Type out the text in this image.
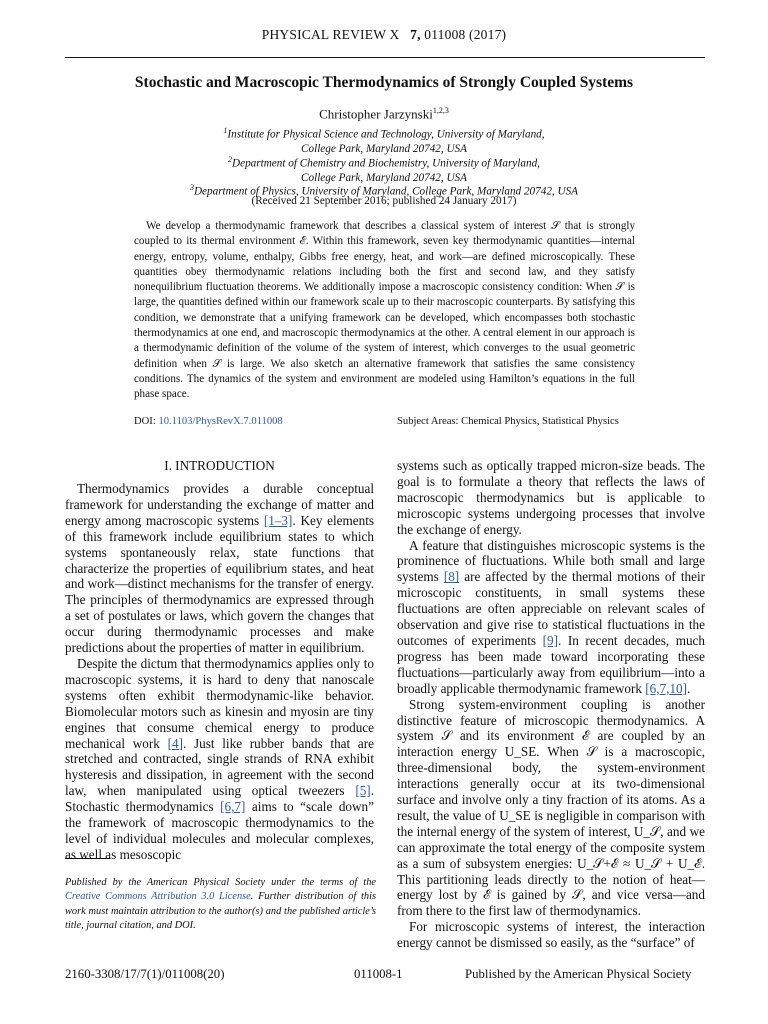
PHYSICAL REVIEW X 7, 011008 (2017)
Stochastic and Macroscopic Thermodynamics of Strongly Coupled Systems
Christopher Jarzynski$^{1,2,3}$
$^1$Institute for Physical Science and Technology, University of Maryland,
College Park, Maryland 20742, USA
$^2$Department of Chemistry and Biochemistry, University of Maryland,
College Park, Maryland 20742, USA
$^3$Department of Physics, University of Maryland, College Park, Maryland 20742, USA
(Received 21 September 2016; published 24 January 2017)
We develop a thermodynamic framework that describes a classical system of interest 𝒮 that is strongly coupled to its thermal environment ℰ. Within this framework, seven key thermodynamic quantities—internal energy, entropy, volume, enthalpy, Gibbs free energy, heat, and work—are defined microscopically. These quantities obey thermodynamic relations including both the first and second law, and they satisfy nonequilibrium fluctuation theorems. We additionally impose a macroscopic consistency condition: When 𝒮 is large, the quantities defined within our framework scale up to their macroscopic counterparts. By satisfying this condition, we demonstrate that a unifying framework can be developed, which encompasses both stochastic thermodynamics at one end, and macroscopic thermodynamics at the other. A central element in our approach is a thermodynamic definition of the volume of the system of interest, which converges to the usual geometric definition when 𝒮 is large. We also sketch an alternative framework that satisfies the same consistency conditions. The dynamics of the system and environment are modeled using Hamilton’s equations in the full phase space.
DOI: 10.1103/PhysRevX.7.011008	Subject Areas: Chemical Physics, Statistical Physics
I. INTRODUCTION

Thermodynamics provides a durable conceptual framework for understanding the exchange of matter and energy among macroscopic systems [1–3]. Key elements of this framework include equilibrium states to which systems spontaneously relax, state functions that characterize the properties of equilibrium states, and heat and work—distinct mechanisms for the transfer of energy. The principles of thermodynamics are expressed through a set of postulates or laws, which govern the changes that occur during thermodynamic processes and make predictions about the properties of matter in equilibrium.

Despite the dictum that thermodynamics applies only to macroscopic systems, it is hard to deny that nanoscale systems often exhibit thermodynamic-like behavior. Biomolecular motors such as kinesin and myosin are tiny engines that consume chemical energy to produce mechanical work [4]. Just like rubber bands that are stretched and contracted, single strands of RNA exhibit hysteresis and dissipation, in agreement with the second law, when manipulated using optical tweezers [5]. Stochastic thermodynamics [6,7] aims to “scale down” the framework of macroscopic thermodynamics to the level of individual molecules and molecular complexes, as well as mesoscopic

Published by the American Physical Society under the terms of the Creative Commons Attribution 3.0 License. Further distribution of this work must maintain attribution to the author(s) and the published article’s title, journal citation, and DOI.

systems such as optically trapped micron-size beads. The goal is to formulate a theory that reflects the laws of macroscopic thermodynamics but is applicable to microscopic systems undergoing processes that involve the exchange of energy.

A feature that distinguishes microscopic systems is the prominence of fluctuations. While both small and large systems [8] are affected by the thermal motions of their microscopic constituents, in small systems these fluctuations are often appreciable on relevant scales of observation and give rise to statistical fluctuations in the outcomes of experiments [9]. In recent decades, much progress has been made toward incorporating these fluctuations—particularly away from equilibrium—into a broadly applicable thermodynamic framework [6,7,10].

Strong system-environment coupling is another distinctive feature of microscopic thermodynamics. A system 𝒮 and its environment ℰ are coupled by an interaction energy U_SE. When 𝒮 is a macroscopic, three-dimensional body, the system-environment interactions generally occur at its two-dimensional surface and involve only a tiny fraction of its atoms. As a result, the value of U_SE is negligible in comparison with the internal energy of the system of interest, U_𝒮, and we can approximate the total energy of the composite system as a sum of subsystem energies: U_𝒮+ℰ ≈ U_𝒮 + U_ℰ. This partitioning leads directly to the notion of heat—energy lost by ℰ is gained by 𝒮, and vice versa—and from there to the first law of thermodynamics.

For microscopic systems of interest, the interaction energy cannot be dismissed so easily, as the “surface” of

2160-3308/17/7(1)/011008(20)	011008-1	Published by the American Physical Society
